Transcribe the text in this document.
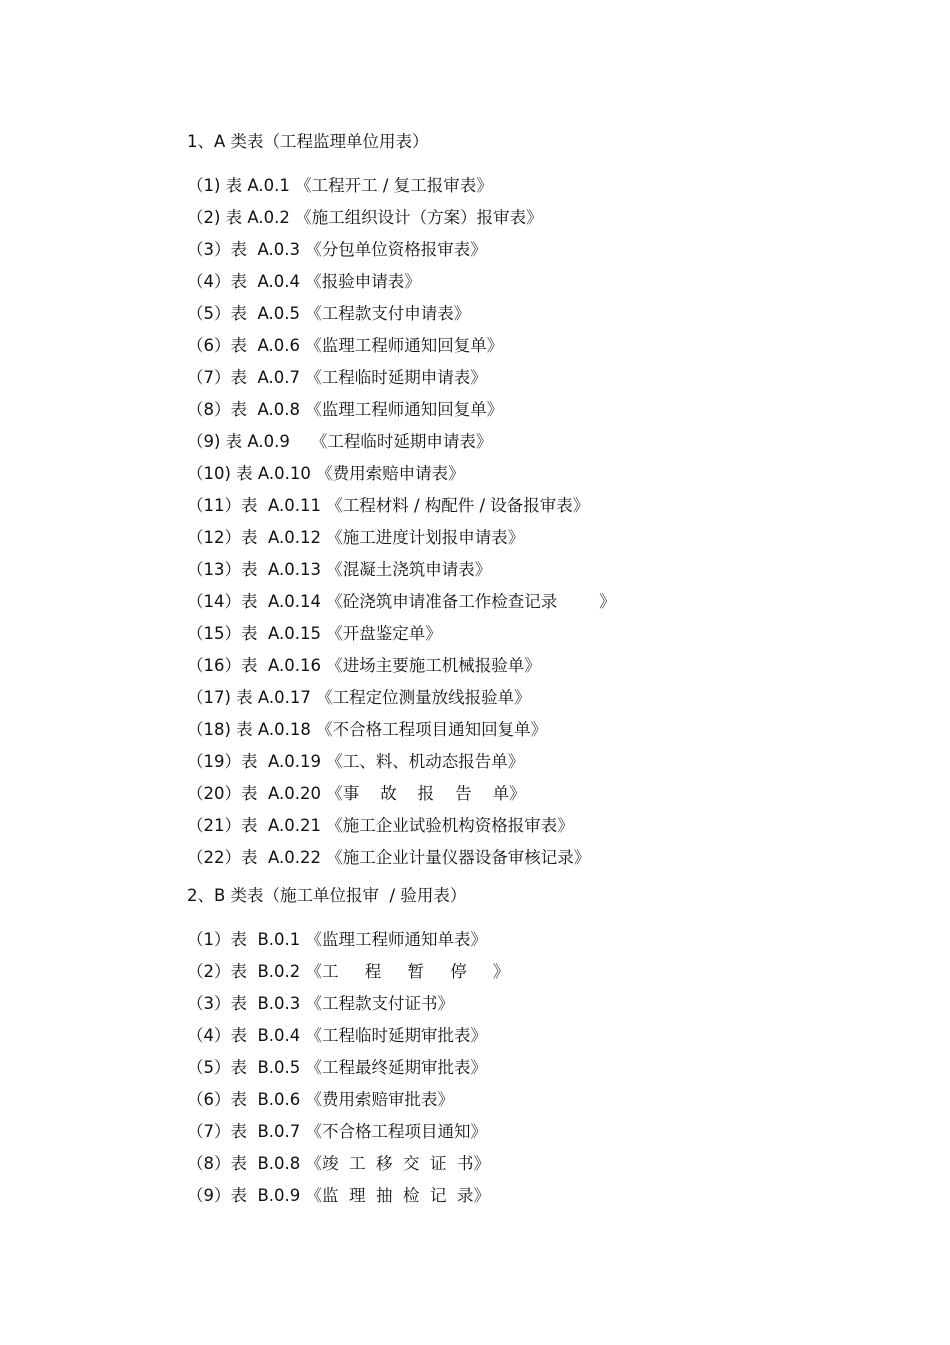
1、A 类表（工程监理单位用表）
（1) 表 A.0.1 《工程开工 / 复工报审表》
（2) 表 A.0.2 《施工组织设计（方案）报审表》
（3）表  A.0.3 《分包单位资格报审表》
（4）表  A.0.4 《报验申请表》
（5）表  A.0.5 《工程款支付申请表》
（6）表  A.0.6 《监理工程师通知回复单》
（7）表  A.0.7 《工程临时延期申请表》
（8）表  A.0.8 《监理工程师通知回复单》
（9) 表 A.0.9    《工程临时延期申请表》
（10) 表 A.0.10 《费用索赔申请表》
（11）表  A.0.11 《工程材料 / 构配件 / 设备报审表》
（12）表  A.0.12 《施工进度计划报申请表》
（13）表  A.0.13 《混凝土浇筑申请表》
（14）表  A.0.14 《砼浇筑申请准备工作检查记录        》
（15）表  A.0.15 《开盘鉴定单》
（16）表  A.0.16 《进场主要施工机械报验单》
（17) 表 A.0.17 《工程定位测量放线报验单》
（18) 表 A.0.18 《不合格工程项目通知回复单》
（19）表  A.0.19 《工、料、机动态报告单》
（20）表  A.0.20 《事    故    报    告    单》
（21）表  A.0.21 《施工企业试验机构资格报审表》
（22）表  A.0.22 《施工企业计量仪器设备审核记录》
2、B 类表（施工单位报审  / 验用表）
（1）表  B.0.1 《监理工程师通知单表》
（2）表  B.0.2 《工     程     暂     停     》
（3）表  B.0.3 《工程款支付证书》
（4）表  B.0.4 《工程临时延期审批表》
（5）表  B.0.5 《工程最终延期审批表》
（6）表  B.0.6 《费用索赔审批表》
（7）表  B.0.7 《不合格工程项目通知》
（8）表  B.0.8 《竣  工  移  交  证  书》
（9）表  B.0.9 《监  理  抽  检  记  录》
